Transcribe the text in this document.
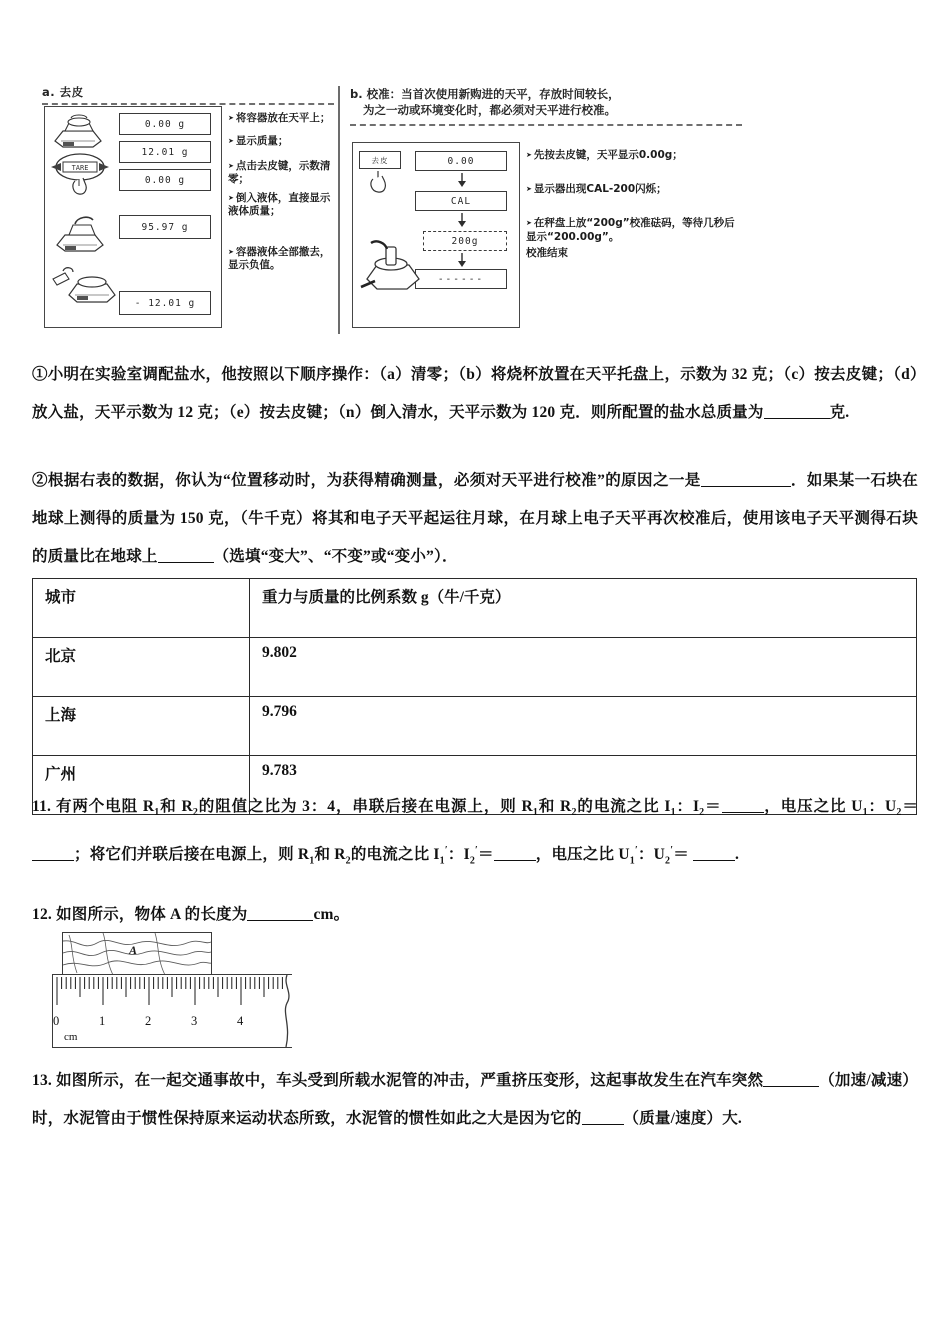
a. 去皮
TARE
0.00 g
12.01 g
0.00 g
95.97 g
- 12.01 g
➤ 将容器放在天平上；
➤ 显示质量；
➤ 点击去皮键，示数清零；
➤ 倒入液体，直接显示液体质量；
➤ 容器液体全部撤去，显示负值。
b. 校准：当首次使用新购进的天平，存放时间较长，
为之一动或环境变化时，都必须对天平进行校准。
去皮	0.00
CAL
200g
------
➤ 先按去皮键，天平显示0.00g；
➤ 显示器出现CAL-200闪烁；
➤ 在秤盘上放“200g”校准砝码，等待几秒后显示“200.00g”。
校准结束
①小明在实验室调配盐水，他按照以下顺序操作：（a）清零；（b）将烧杯放置在天平托盘上，示数为 32 克；（c）按去皮键；（d）放入盐，天平示数为 12 克；（e）按去皮键；（n）倒入清水，天平示数为 120 克．则所配置的盐水总质量为	克.
②根据右表的数据，你认为“位置移动时，为获得精确测量，必须对天平进行校准”的原因之一是	．如果某一石块在地球上测得的质量为 150 克，（牛千克）将其和电子天平起运往月球，在月球上电子天平再次校准后，使用该电子天平测得石块的质量比在地球上	（选填“变大”、“不变”或“变小”）．
城市	重力与质量的比例系数 g（牛/千克）
北京	9.802
上海	9.796
广州	9.783
11. 有两个电阻 $R_1$和 $R_2$的阻值之比为 3：4，串联后接在电源上，则 $R_1$和 $R_2$的电流之比 $I_1$：$I_2=$	，电压之比 $U_1$：$U_2=$；将它们并联后接在电源上，则 $R_1$和 $R_2$的电流之比 $I_1'$：$I_2'=$	，电压之比 $U_1'$：$U_2'=$	.
12. 如图所示，物体 A 的长度为	cm。
A
0	1	2	3	4
cm
13. 如图所示，在一起交通事故中，车头受到所载水泥管的冲击，严重挤压变形，这起事故发生在汽车突然	（加速/减速）时，水泥管由于惯性保持原来运动状态所致，水泥管的惯性如此之大是因为它的	（质量/速度）大.
